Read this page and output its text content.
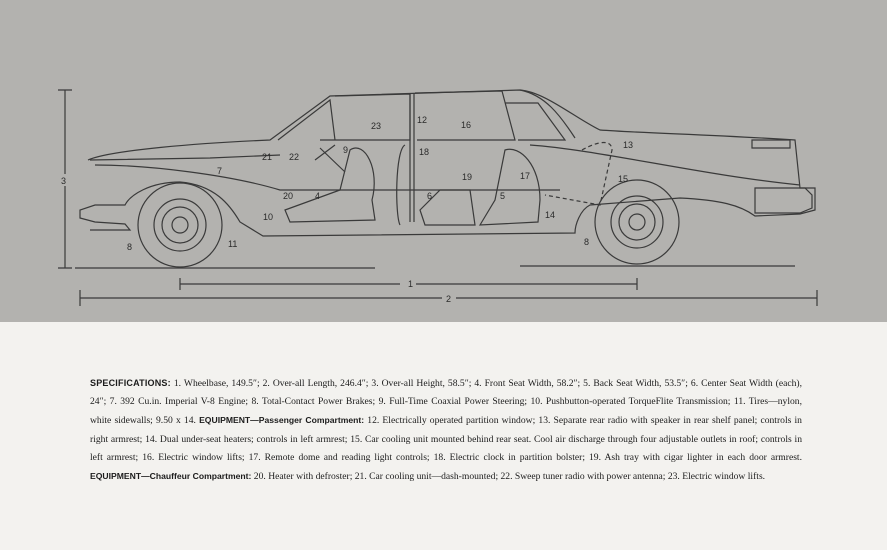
1
2
3
4	5
6
7
8	8
9
10
11
12
13
14
15
16
17
18
19
20
21 22
23
SPECIFICATIONS: 1. Wheelbase, 149.5″; 2. Over-all Length, 246.4″; 3. Over-all Height, 58.5″; 4. Front Seat Width, 58.2″; 5. Back Seat Width, 53.5″; 6. Center Seat Width (each), 24″; 7. 392 Cu.in. Imperial V-8 Engine; 8. Total-Contact Power Brakes; 9. Full-Time Coaxial Power Steering; 10. Pushbutton-operated TorqueFlite Transmission; 11. Tires—nylon, white sidewalls; 9.50 x 14. EQUIPMENT—Passenger Compartment: 12. Electrically operated partition window; 13. Separate rear radio with speaker in rear shelf panel; controls in right armrest; 14. Dual under-seat heaters; controls in left armrest; 15. Car cooling unit mounted behind rear seat. Cool air discharge through four adjustable outlets in roof; controls in left armrest; 16. Electric window lifts; 17. Remote dome and reading light controls; 18. Electric clock in partition bolster; 19. Ash tray with cigar lighter in each door armrest. EQUIPMENT—Chauffeur Compartment: 20. Heater with defroster; 21. Car cooling unit—dash-mounted; 22. Sweep tuner radio with power antenna; 23. Electric window lifts.
